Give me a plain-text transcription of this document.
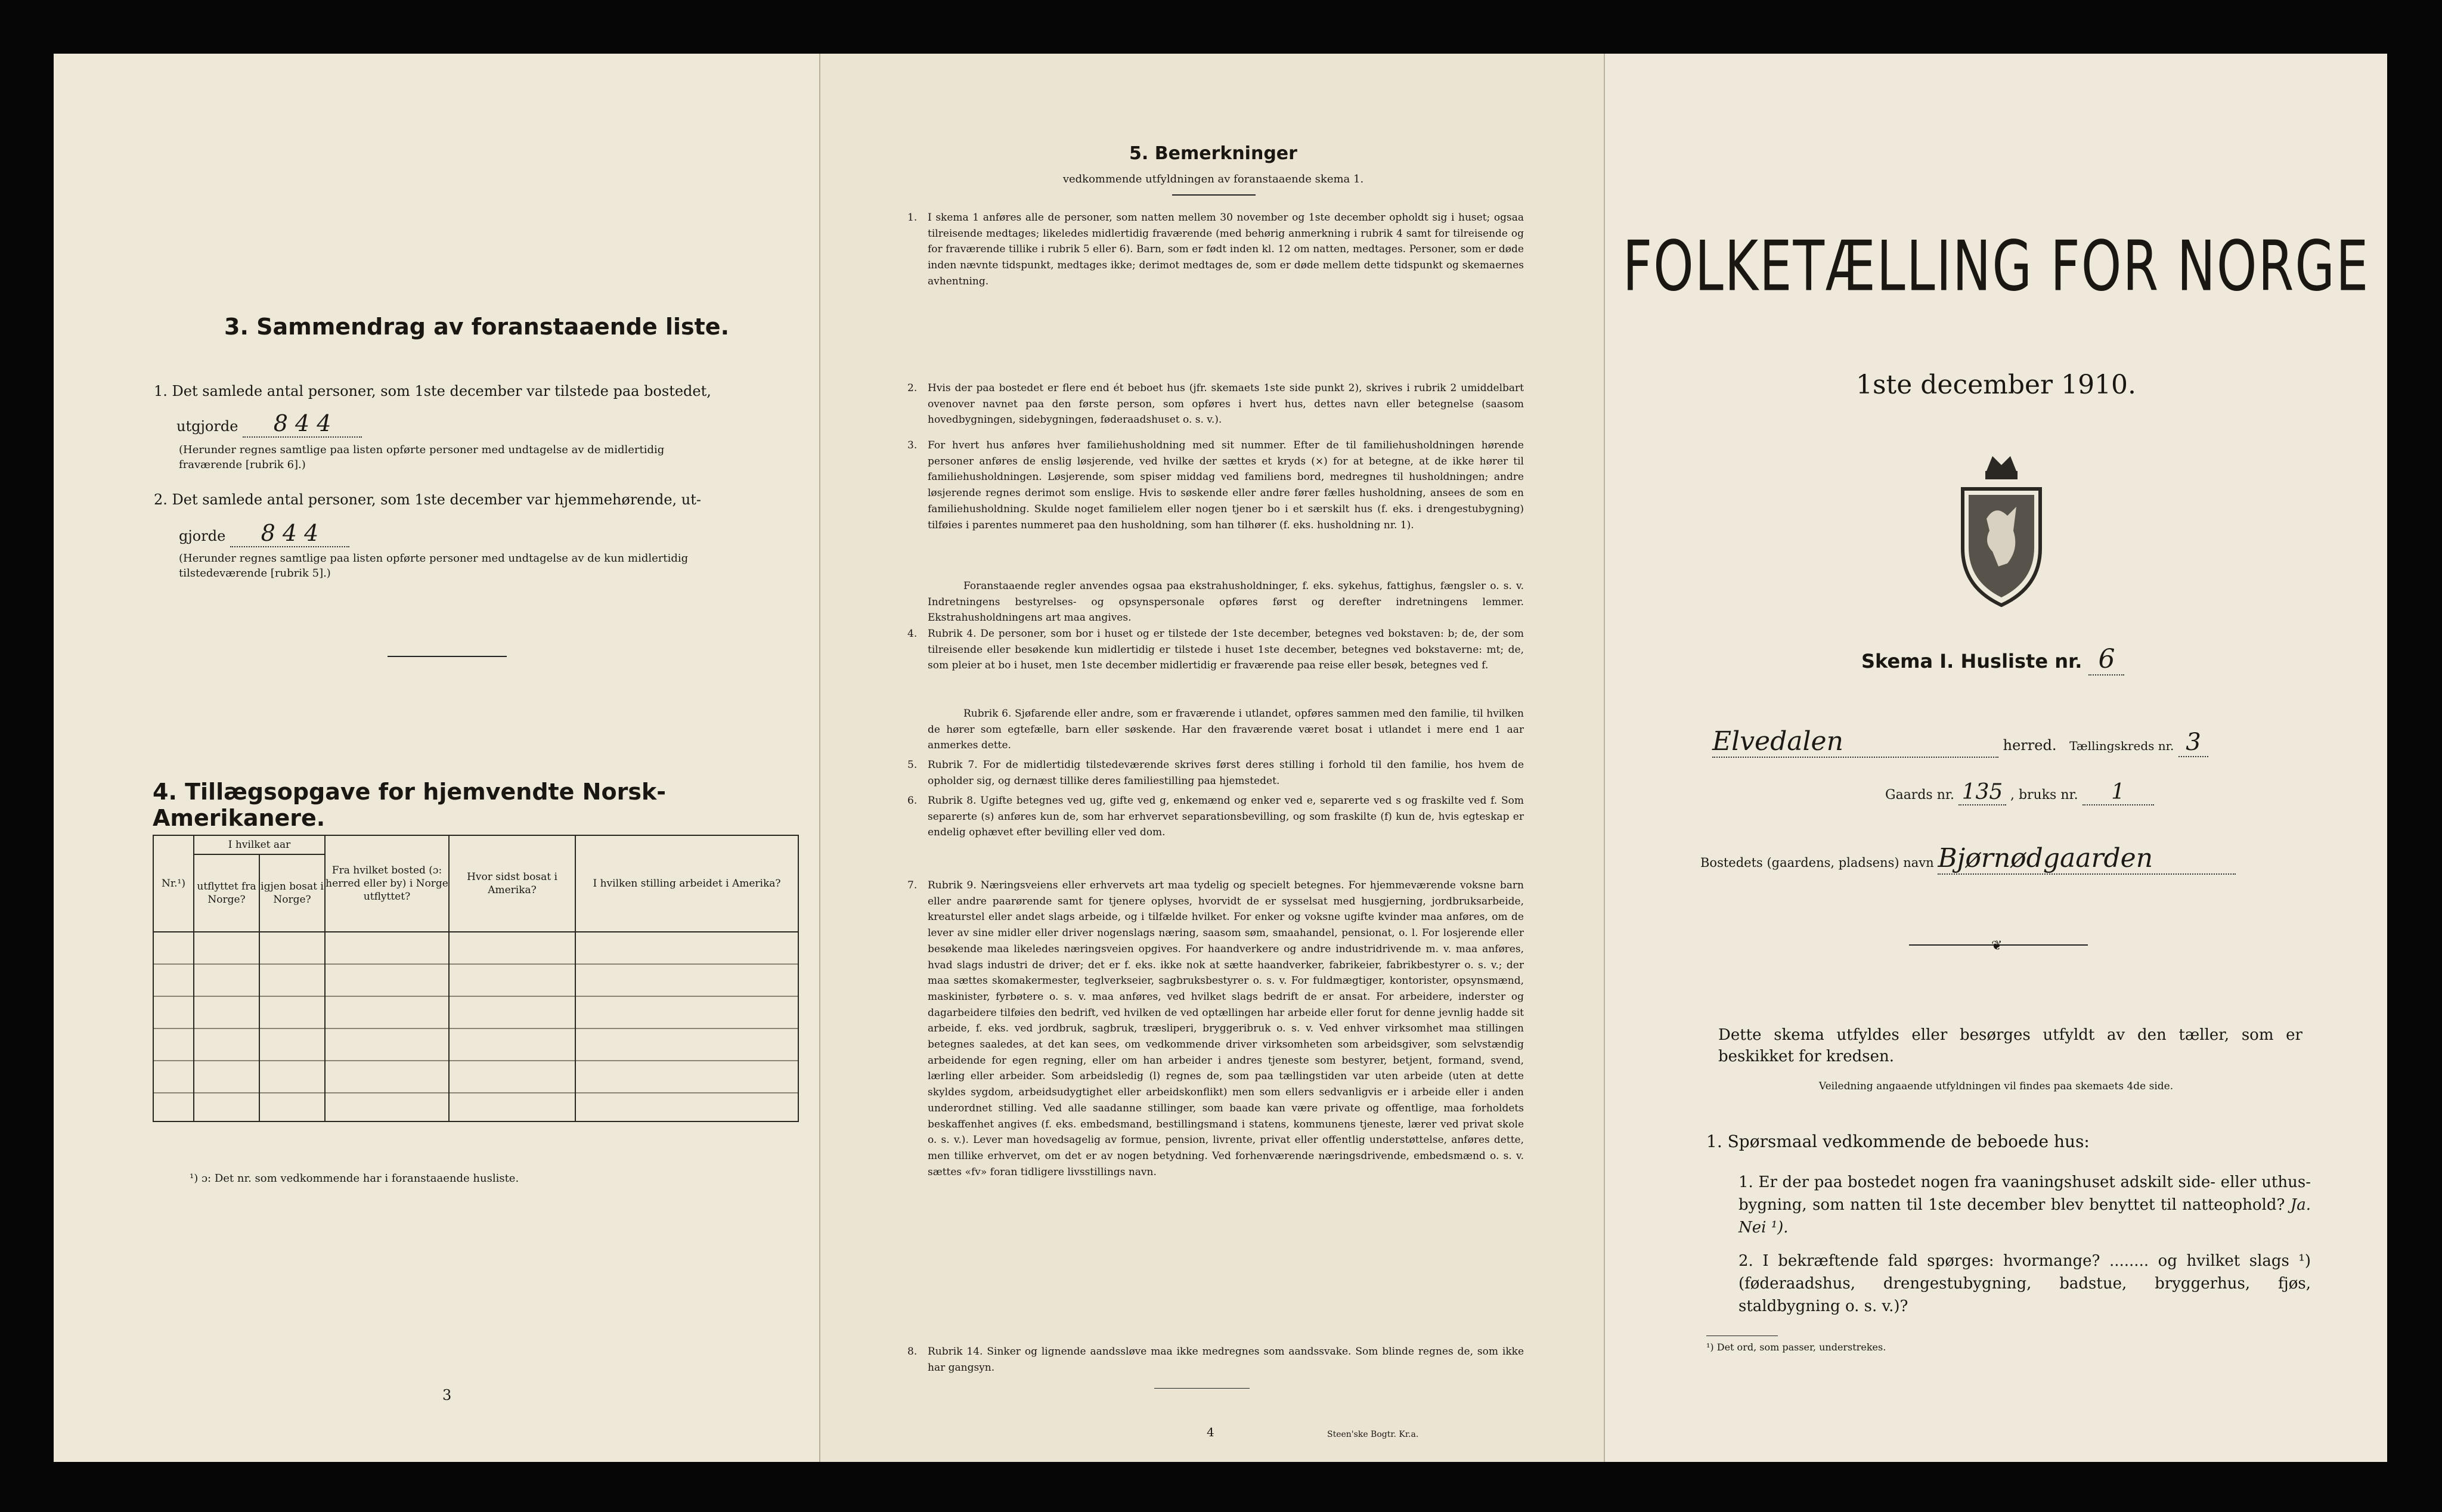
3. Sammendrag av foranstaaende liste.
1. Det samlede antal personer, som 1ste december var tilstede paa bostedet,
utgjorde 8 4 4
(Herunder regnes samtlige paa listen opførte personer med undtagelse av de midlertidig fraværende [rubrik 6].)
2. Det samlede antal personer, som 1ste december var hjemmehørende, ut-
gjorde 8 4 4
(Herunder regnes samtlige paa listen opførte personer med undtagelse av de kun midlertidig tilstedeværende [rubrik 5].)
4. Tillægsopgave for hjemvendte Norsk-Amerikanere.
Nr.¹)	I hvilket aar		Fra hvilket bosted (ɔ: herred eller by) i Norge utflyttet?	Hvor sidst bosat i Amerika?	I hvilken stilling arbeidet i Amerika?
	utflyttet fra Norge?	igjen bosat i Norge?			

¹) ɔ: Det nr. som vedkommende har i foranstaaende husliste.
3
5. Bemerkninger
vedkommende utfyldningen av foranstaaende skema 1.
1. I skema 1 anføres alle de personer, som natten mellem 30 november og 1ste december opholdt sig i huset; ogsaa tilreisende medtages; likeledes midlertidig fraværende (med behørig anmerkning i rubrik 4 samt for tilreisende og for fraværende tillike i rubrik 5 eller 6). Barn, som er født inden kl. 12 om natten, medtages. Personer, som er døde inden nævnte tidspunkt, medtages ikke; derimot medtages de, som er døde mellem dette tidspunkt og skemaernes avhentning.
2. Hvis der paa bostedet er flere end ét beboet hus (jfr. skemaets 1ste side punkt 2), skrives i rubrik 2 umiddelbart ovenover navnet paa den første person, som opføres i hvert hus, dettes navn eller betegnelse (saasom hovedbygningen, sidebygningen, føderaadshuset o. s. v.).
3. For hvert hus anføres hver familiehusholdning med sit nummer. Efter de til familiehusholdningen hørende personer anføres de enslig løsjerende, ved hvilke der sættes et kryds (×) for at betegne, at de ikke hører til familiehusholdningen. Løsjerende, som spiser middag ved familiens bord, medregnes til husholdningen; andre løsjerende regnes derimot som enslige. Hvis to søskende eller andre fører fælles husholdning, ansees de som en familiehusholdning. Skulde noget familielem eller nogen tjener bo i et særskilt hus (f. eks. i drengestubygning) tilføies i parentes nummeret paa den husholdning, som han tilhører (f. eks. husholdning nr. 1).
Foranstaaende regler anvendes ogsaa paa ekstrahusholdninger, f. eks. sykehus, fattighus, fængsler o. s. v. Indretningens bestyrelses- og opsynspersonale opføres først og derefter indretningens lemmer. Ekstrahusholdningens art maa angives.
4. Rubrik 4. De personer, som bor i huset og er tilstede der 1ste december, betegnes ved bokstaven: b; de, der som tilreisende eller besøkende kun midlertidig er tilstede i huset 1ste december, betegnes ved bokstaverne: mt; de, som pleier at bo i huset, men 1ste december midlertidig er fraværende paa reise eller besøk, betegnes ved f.
Rubrik 6. Sjøfarende eller andre, som er fraværende i utlandet, opføres sammen med den familie, til hvilken de hører som egtefælle, barn eller søskende. Har den fraværende været bosat i utlandet i mere end 1 aar anmerkes dette.
5. Rubrik 7. For de midlertidig tilstedeværende skrives først deres stilling i forhold til den familie, hos hvem de opholder sig, og dernæst tillike deres familiestilling paa hjemstedet.
6. Rubrik 8. Ugifte betegnes ved ug, gifte ved g, enkemænd og enker ved e, separerte ved s og fraskilte ved f. Som separerte (s) anføres kun de, som har erhvervet separationsbevilling, og som fraskilte (f) kun de, hvis egteskap er endelig ophævet efter bevilling eller ved dom.
7. Rubrik 9. Næringsveiens eller erhvervets art maa tydelig og specielt betegnes. For hjemmeværende voksne barn eller andre paarørende samt for tjenere oplyses, hvorvidt de er sysselsat med husgjerning, jordbruksarbeide, kreaturstel eller andet slags arbeide, og i tilfælde hvilket. For enker og voksne ugifte kvinder maa anføres, om de lever av sine midler eller driver nogenslags næring, saasom søm, smaahandel, pensionat, o. l. For losjerende eller besøkende maa likeledes næringsveien opgives. For haandverkere og andre industridrivende m. v. maa anføres, hvad slags industri de driver; det er f. eks. ikke nok at sætte haandverker, fabrikeier, fabrikbestyrer o. s. v.; der maa sættes skomakermester, teglverkseier, sagbruksbestyrer o. s. v. For fuldmægtiger, kontorister, opsynsmænd, maskinister, fyrbøtere o. s. v. maa anføres, ved hvilket slags bedrift de er ansat. For arbeidere, inderster og dagarbeidere tilføies den bedrift, ved hvilken de ved optællingen har arbeide eller forut for denne jevnlig hadde sit arbeide, f. eks. ved jordbruk, sagbruk, træsliperi, bryggeribruk o. s. v. Ved enhver virksomhet maa stillingen betegnes saaledes, at det kan sees, om vedkommende driver virksomheten som arbeidsgiver, som selvstændig arbeidende for egen regning, eller om han arbeider i andres tjeneste som bestyrer, betjent, formand, svend, lærling eller arbeider. Som arbeidsledig (l) regnes de, som paa tællingstiden var uten arbeide (uten at dette skyldes sygdom, arbeidsudygtighet eller arbeidskonflikt) men som ellers sedvanligvis er i arbeide eller i anden underordnet stilling. Ved alle saadanne stillinger, som baade kan være private og offentlige, maa forholdets beskaffenhet angives (f. eks. embedsmand, bestillingsmand i statens, kommunens tjeneste, lærer ved privat skole o. s. v.). Lever man hovedsagelig av formue, pension, livrente, privat eller offentlig understøttelse, anføres dette, men tillike erhvervet, om det er av nogen betydning. Ved forhenværende næringsdrivende, embedsmænd o. s. v. sættes «fv» foran tidligere livsstillings navn.
8. Rubrik 14. Sinker og lignende aandssløve maa ikke medregnes som aandssvake. Som blinde regnes de, som ikke har gangsyn.
4	Steen'ske Bogtr. Kr.a.
FOLKETÆLLING FOR NORGE
1ste december 1910.
Skema I. Husliste nr. 6
Elvedalen	herred. Tællingskreds nr. 3
Gaards nr. 135 , bruks nr. 1
Bostedets (gaardens, pladsens) navn Bjørnødgaarden
❦
Dette skema utfyldes eller besørges utfyldt av den tæller, som er beskikket for kredsen.
Veiledning angaaende utfyldningen vil findes paa skemaets 4de side.
1. Spørsmaal vedkommende de beboede hus:
1. Er der paa bostedet nogen fra vaaningshuset adskilt side- eller uthus-bygning, som natten til 1ste december blev benyttet til natteophold? Ja. Nei ¹).
2. I bekræftende fald spørges: hvormange? ........ og hvilket slags ¹) (føderaadshus, drengestubygning, badstue, bryggerhus, fjøs, staldbygning o. s. v.)?
¹) Det ord, som passer, understrekes.
